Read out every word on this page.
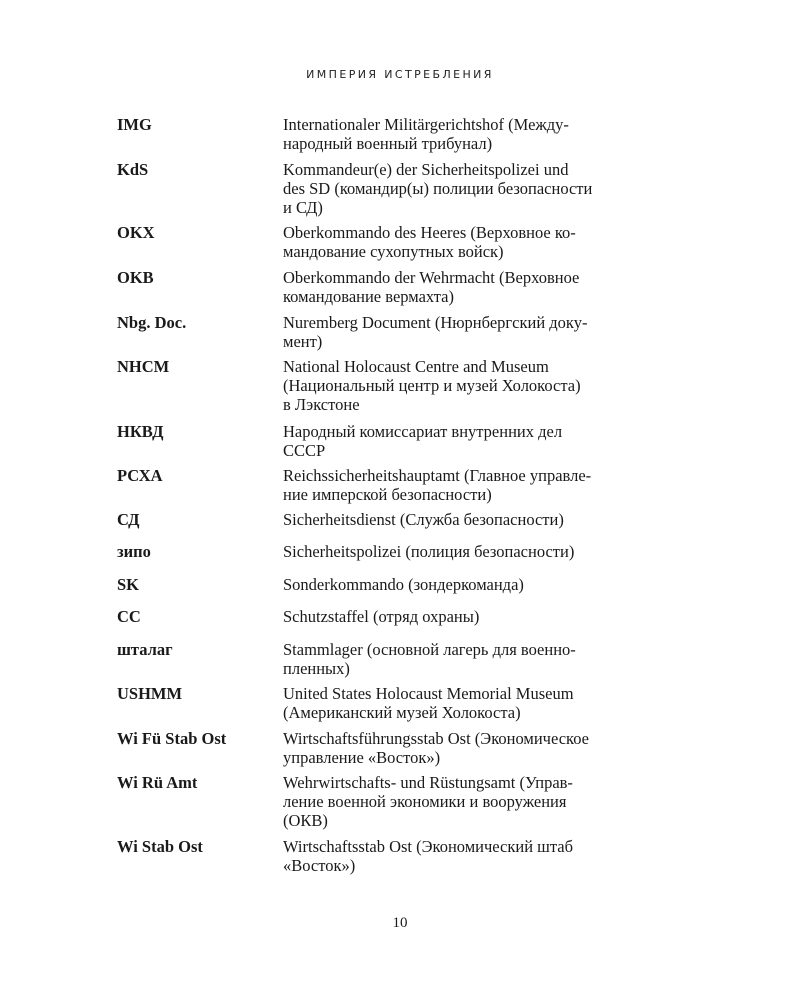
ИМПЕРИЯ ИСТРЕБЛЕНИЯ
IMG	Internationaler Militärgerichtshof (Между-
народный военный трибунал)
KdS	Kommandeur(e) der Sicherheitspolizei und
des SD (командир(ы) полиции безопасности
и СД)
OKX	Oberkommando des Heeres (Верховное ко-
мандование сухопутных войск)
OKB	Oberkommando der Wehrmacht (Верховное
командование вермахта)
Nbg. Doc.	Nuremberg Document (Нюрнбергский доку-
мент)
NHCM	National Holocaust Centre and Museum
(Национальный центр и музей Холокоста)
в Лэкстоне
НКВД	Народный комиссариат внутренних дел
СССР
РСХА	Reichssicherheitshauptamt (Главное управле-
ние имперской безопасности)
СД	Sicherheitsdienst (Служба безопасности)
зипо	Sicherheitspolizei (полиция безопасности)
SK	Sonderkommando (зондеркоманда)
CC	Schutzstaffel (отряд охраны)
шталаг	Stammlager (основной лагерь для военно-
пленных)
USHMM	United States Holocaust Memorial Museum
(Американский музей Холокоста)
Wi Fü Stab Ost	Wirtschaftsführungsstab Ost (Экономическое
управление «Восток»)
Wi Rü Amt	Wehrwirtschafts- und Rüstungsamt (Управ-
ление военной экономики и вооружения
(ОКВ)
Wi Stab Ost	Wirtschaftsstab Ost (Экономический штаб
«Восток»)
10
